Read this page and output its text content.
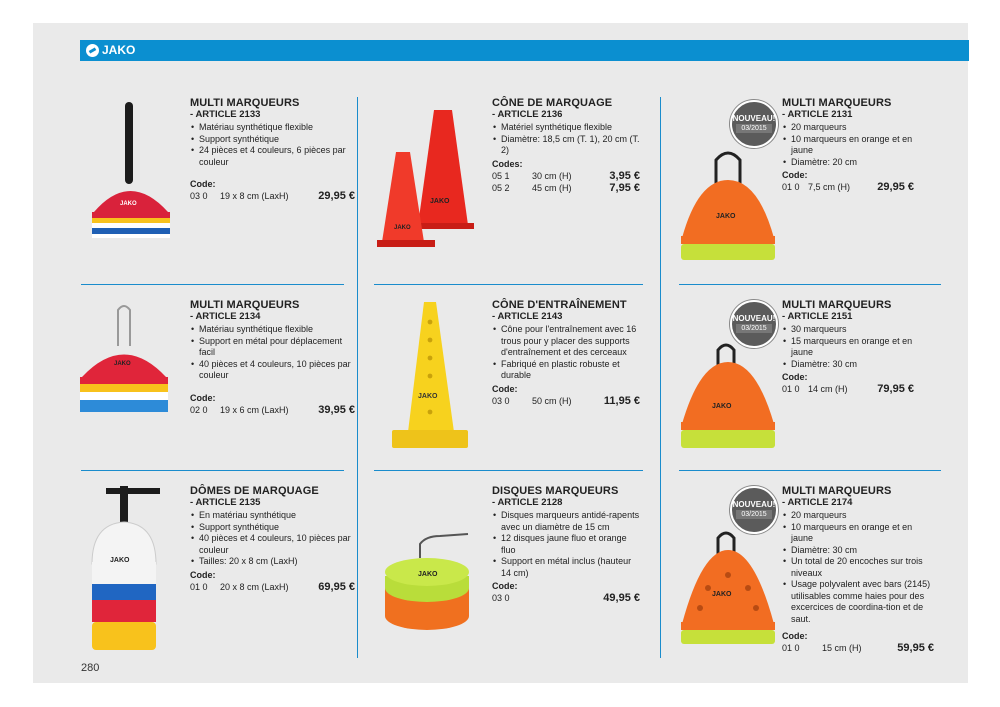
JAKO
JAKO	JAKO
JAKO
JAKO
JAKO
JAKO
JAKO
JAKO
JAKO
JAKO
NOUVEAU!
03/2015
NOUVEAU!
03/2015
NOUVEAU!
03/2015
MULTI MARQUEURS
- ARTICLE 2133
• Matériau synthétique flexible
• Support synthétique
• 24 pièces et 4 couleurs, 6 pièces par couleur
Code:
03 0	19 x 8 cm (LaxH)	29,95 €
CÔNE DE MARQUAGE
- ARTICLE 2136
• Matériel synthétique flexible
• Diamètre: 18,5 cm (T. 1), 20 cm (T. 2)
Codes:
05 1	30 cm (H)	3,95 €
05 2	45 cm (H)	7,95 €
MULTI MARQUEURS
- ARTICLE 2131
• 20 marqueurs
• 10 marqueurs en orange et en jaune
• Diamètre: 20 cm
Code:
01 0 7,5 cm (H)	29,95 €
MULTI MARQUEURS
- ARTICLE 2134
• Matériau synthétique flexible
• Support en métal pour déplacement facil
• 40 pièces et 4 couleurs, 10 pièces par couleur
Code:
02 0	19 x 6 cm (LaxH)	39,95 €
CÔNE D'ENTRAÎNEMENT
- ARTICLE 2143
• Cône pour l'entraînement avec 16 trous pour y placer des supports d'entraînement et des cerceaux
• Fabriqué en plastic robuste et durable
Code:
03 0	50 cm (H)	11,95 €
MULTI MARQUEURS
- ARTICLE 2151
• 30 marqueurs
• 15 marqueurs en orange et en jaune
• Diamètre: 30 cm
Code:
01 0 14 cm (H)	79,95 €
DÔMES DE MARQUAGE
- ARTICLE 2135
• En matériau synthétique
• Support synthétique
• 40 pièces et 4 couleurs, 10 pièces par couleur
• Tailles: 20 x 8 cm (LaxH)
Code:
01 0	20 x 8 cm (LaxH)	69,95 €
DISQUES MARQUEURS
- ARTICLE 2128
• Disques marqueurs antidé-rapents avec un diamètre de 15 cm
• 12 disques jaune fluo et orange fluo
• Support en métal inclus (hauteur 14 cm)
Code:
03 0	49,95 €
MULTI MARQUEURS
- ARTICLE 2174
• 20 marqueurs
• 10 marqueurs en orange et en jaune
• Diamètre: 30 cm
• Un total de 20 encoches sur trois niveaux
• Usage polyvalent avec bars (2145) utilisables comme haies pour des excercices de coordina-tion et de saut.
Code:
01 0	15 cm (H)	59,95 €
280
